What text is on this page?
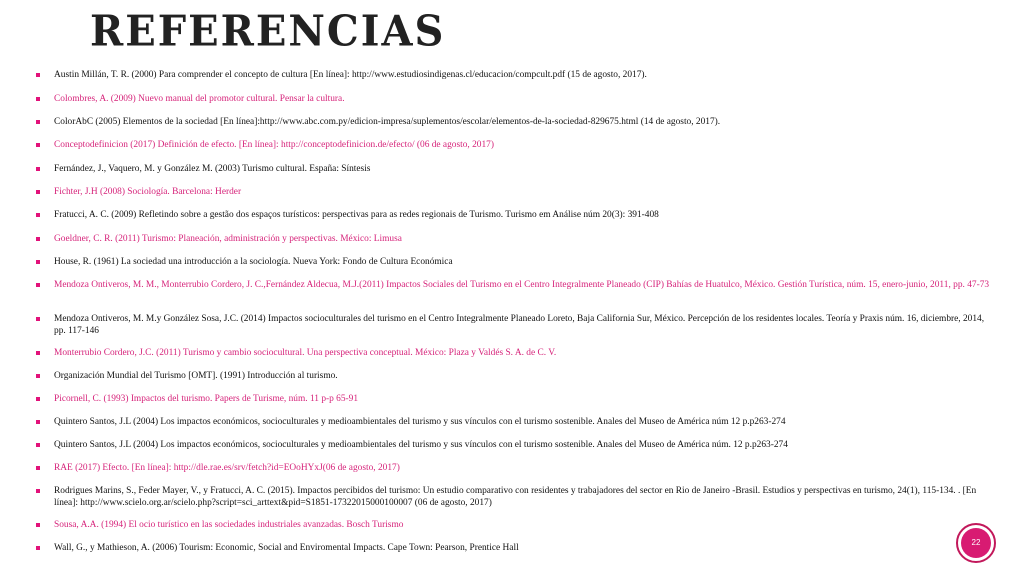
REFERENCIAS
Austin Millán, T. R. (2000) Para comprender el concepto de cultura [En línea]: http://www.estudiosindigenas.cl/educacion/compcult.pdf (15 de agosto, 2017).
Colombres, A. (2009) Nuevo manual del promotor cultural. Pensar la cultura.
ColorAbC (2005) Elementos de la sociedad [En línea]:http://www.abc.com.py/edicion-impresa/suplementos/escolar/elementos-de-la-sociedad-829675.html (14 de agosto, 2017).
Conceptodefinicion (2017) Definición de efecto. [En línea]: http://conceptodefinicion.de/efecto/ (06 de agosto, 2017)
Fernández, J., Vaquero, M. y González M. (2003) Turismo cultural. España: Síntesis
Fichter, J.H (2008) Sociología. Barcelona: Herder
Fratucci, A. C. (2009) Refletindo sobre a gestão dos espaços turísticos: perspectivas para as redes regionais de Turismo. Turismo em Análise núm 20(3): 391-408
Goeldner, C. R. (2011) Turismo: Planeación, administración y perspectivas. México: Limusa
House, R. (1961) La sociedad una introducción a la sociología. Nueva York: Fondo de Cultura Económica
Mendoza Ontiveros, M. M., Monterrubio Cordero, J. C.,Fernández Aldecua, M.J.(2011) Impactos Sociales del Turismo en el Centro Integralmente Planeado (CIP) Bahías de Huatulco, México. Gestión Turística, núm. 15, enero-junio, 2011, pp. 47-73
Mendoza Ontiveros, M. M.y González Sosa, J.C. (2014) Impactos socioculturales del turismo en el Centro Integralmente Planeado Loreto, Baja California Sur, México. Percepción de los residentes locales. Teoría y Praxis núm. 16, diciembre, 2014, pp. 117-146
Monterrubio Cordero, J.C. (2011) Turismo y cambio sociocultural. Una perspectiva conceptual. México: Plaza y Valdés S. A. de C. V.
Organización Mundial del Turismo [OMT]. (1991) Introducción al turismo.
Picornell, C. (1993) Impactos del turismo. Papers de Turisme, núm. 11 p-p 65-91
Quintero Santos, J.L (2004) Los impactos económicos, socioculturales y medioambientales del turismo y sus vínculos con el turismo sostenible. Anales del Museo de América núm 12 p.p263-274
Quintero Santos, J.L (2004) Los impactos económicos, socioculturales y medioambientales del turismo y sus vínculos con el turismo sostenible. Anales del Museo de América núm. 12 p.p263-274
RAE (2017) Efecto. [En línea]: http://dle.rae.es/srv/fetch?id=EOoHYxJ(06 de agosto, 2017)
Rodrigues Marins, S., Feder Mayer, V., y Fratucci, A. C. (2015). Impactos percibidos del turismo: Un estudio comparativo con residentes y trabajadores del sector en Rio de Janeiro -Brasil. Estudios y perspectivas en turismo, 24(1), 115-134. . [En línea]: http://www.scielo.org.ar/scielo.php?script=sci_arttext&pid=S1851-17322015000100007 (06 de agosto, 2017)
Sousa, A.A. (1994) El ocio turístico en las sociedades industriales avanzadas. Bosch Turismo
Wall, G., y Mathieson, A. (2006) Tourism: Economic, Social and Enviromental Impacts. Cape Town: Pearson, Prentice Hall
22
